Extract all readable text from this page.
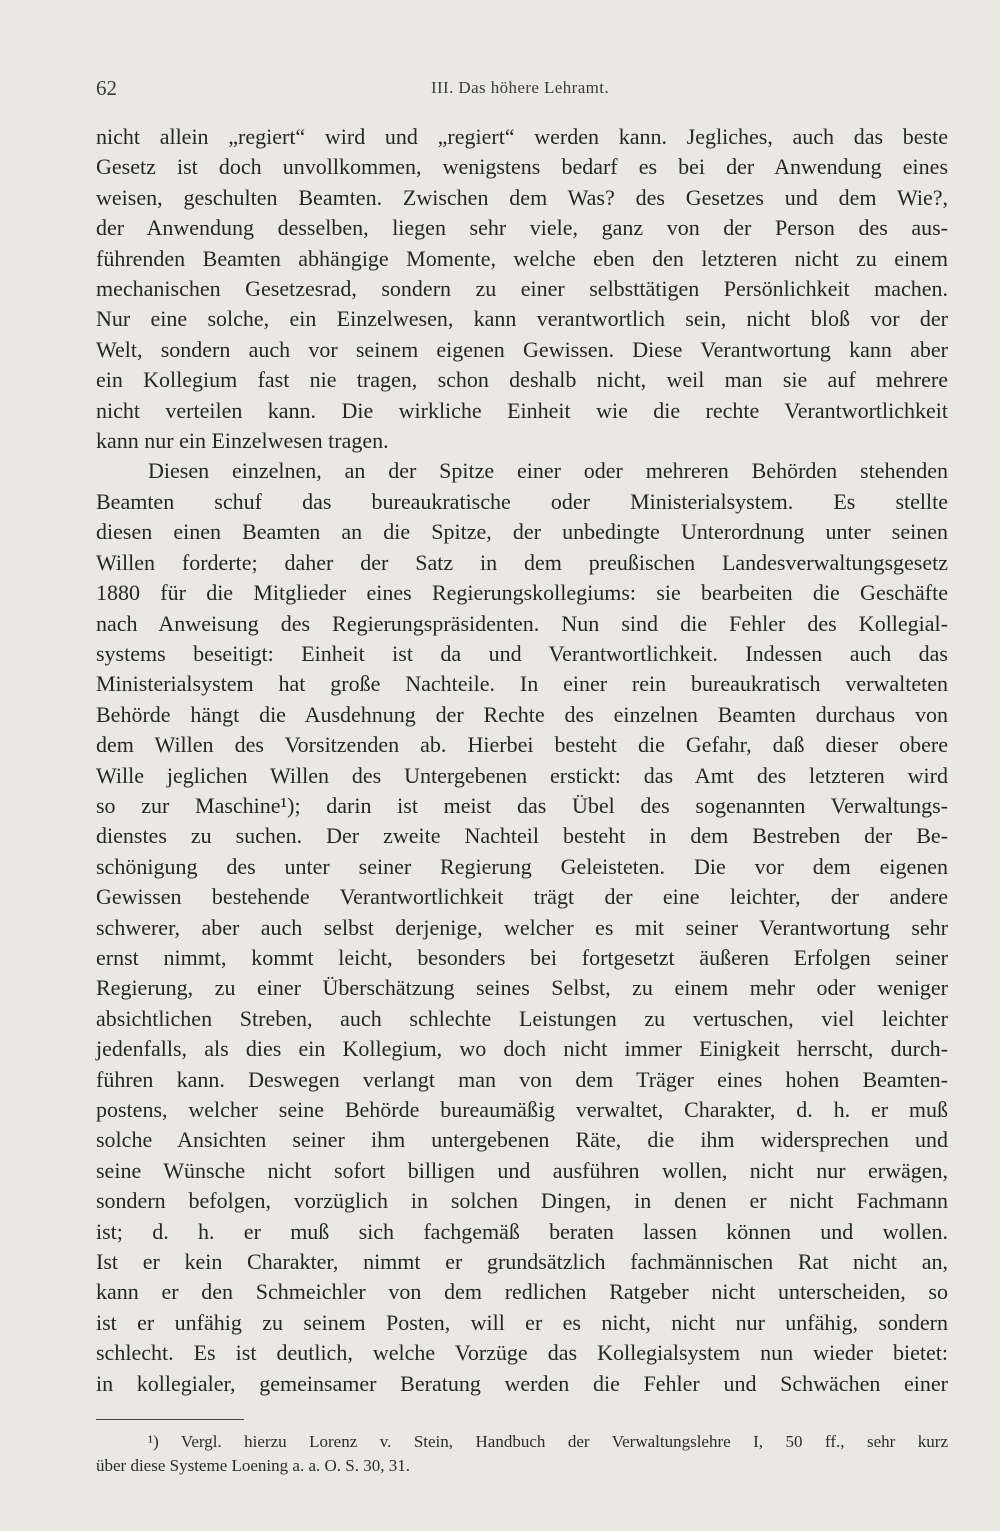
62	III. Das höhere Lehramt.
nicht allein „regiert“ wird und „regiert“ werden kann. Jegliches, auch das beste
Gesetz ist doch unvollkommen, wenigstens bedarf es bei der Anwendung eines
weisen, geschulten Beamten. Zwischen dem Was? des Gesetzes und dem Wie?,
der Anwendung desselben, liegen sehr viele, ganz von der Person des aus-
führenden Beamten abhängige Momente, welche eben den letzteren nicht zu einem
mechanischen Gesetzesrad, sondern zu einer selbsttätigen Persönlichkeit machen.
Nur eine solche, ein Einzelwesen, kann verantwortlich sein, nicht bloß vor der
Welt, sondern auch vor seinem eigenen Gewissen. Diese Verantwortung kann aber
ein Kollegium fast nie tragen, schon deshalb nicht, weil man sie auf mehrere
nicht verteilen kann. Die wirkliche Einheit wie die rechte Verantwortlichkeit
kann nur ein Einzelwesen tragen.
Diesen einzelnen, an der Spitze einer oder mehreren Behörden stehenden
Beamten schuf das bureaukratische oder Ministerialsystem. Es stellte
diesen einen Beamten an die Spitze, der unbedingte Unterordnung unter seinen
Willen forderte; daher der Satz in dem preußischen Landesverwaltungsgesetz
1880 für die Mitglieder eines Regierungskollegiums: sie bearbeiten die Geschäfte
nach Anweisung des Regierungspräsidenten. Nun sind die Fehler des Kollegial-
systems beseitigt: Einheit ist da und Verantwortlichkeit. Indessen auch das
Ministerialsystem hat große Nachteile. In einer rein bureaukratisch verwalteten
Behörde hängt die Ausdehnung der Rechte des einzelnen Beamten durchaus von
dem Willen des Vorsitzenden ab. Hierbei besteht die Gefahr, daß dieser obere
Wille jeglichen Willen des Untergebenen erstickt: das Amt des letzteren wird
so zur Maschine¹); darin ist meist das Übel des sogenannten Verwaltungs-
dienstes zu suchen. Der zweite Nachteil besteht in dem Bestreben der Be-
schönigung des unter seiner Regierung Geleisteten. Die vor dem eigenen
Gewissen bestehende Verantwortlichkeit trägt der eine leichter, der andere
schwerer, aber auch selbst derjenige, welcher es mit seiner Verantwortung sehr
ernst nimmt, kommt leicht, besonders bei fortgesetzt äußeren Erfolgen seiner
Regierung, zu einer Überschätzung seines Selbst, zu einem mehr oder weniger
absichtlichen Streben, auch schlechte Leistungen zu vertuschen, viel leichter
jedenfalls, als dies ein Kollegium, wo doch nicht immer Einigkeit herrscht, durch-
führen kann. Deswegen verlangt man von dem Träger eines hohen Beamten-
postens, welcher seine Behörde bureaumäßig verwaltet, Charakter, d. h. er muß
solche Ansichten seiner ihm untergebenen Räte, die ihm widersprechen und
seine Wünsche nicht sofort billigen und ausführen wollen, nicht nur erwägen,
sondern befolgen, vorzüglich in solchen Dingen, in denen er nicht Fachmann
ist; d. h. er muß sich fachgemäß beraten lassen können und wollen.
Ist er kein Charakter, nimmt er grundsätzlich fachmännischen Rat nicht an,
kann er den Schmeichler von dem redlichen Ratgeber nicht unterscheiden, so
ist er unfähig zu seinem Posten, will er es nicht, nicht nur unfähig, sondern
schlecht. Es ist deutlich, welche Vorzüge das Kollegialsystem nun wieder bietet:
in kollegialer, gemeinsamer Beratung werden die Fehler und Schwächen einer
¹) Vergl. hierzu Lorenz v. Stein, Handbuch der Verwaltungslehre I, 50 ff., sehr kurz
über diese Systeme Loening a. a. O. S. 30, 31.
